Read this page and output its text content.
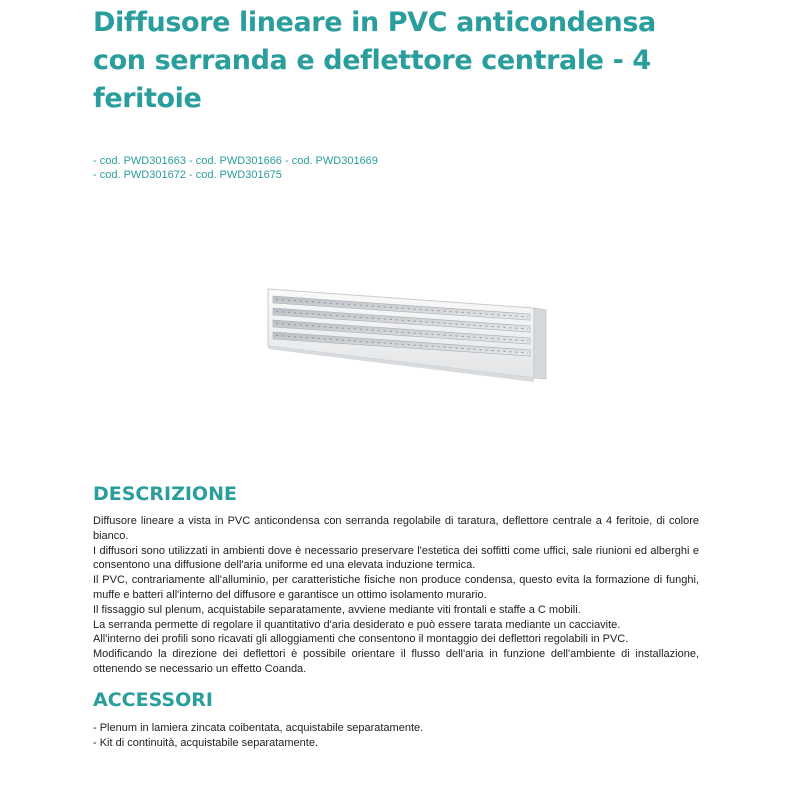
Diffusore lineare in PVC anticondensa con serranda e deflettore centrale - 4 feritoie
- cod. PWD301663 - cod. PWD301666 - cod. PWD301669
- cod. PWD301672 - cod. PWD301675
DESCRIZIONE

Diffusore lineare a vista in PVC anticondensa con serranda regolabile di taratura, deflettore centrale a 4 feritoie, di colore bianco.

I diffusori sono utilizzati in ambienti dove è necessario preservare l'estetica dei soffitti come uffici, sale riunioni ed alberghi e consentono una diffusione dell'aria uniforme ed una elevata induzione termica.

Il PVC, contrariamente all'alluminio, per caratteristiche fisiche non produce condensa, questo evita la formazione di funghi, muffe e batteri all'interno del diffusore e garantisce un ottimo isolamento murario.

Il fissaggio sul plenum, acquistabile separatamente, avviene mediante viti frontali e staffe a C mobili.

La serranda permette di regolare il quantitativo d'aria desiderato e può essere tarata mediante un cacciavite.

All'interno dei profili sono ricavati gli alloggiamenti che consentono il montaggio dei deflettori regolabili in PVC.

Modificando la direzione dei deflettori è possibile orientare il flusso dell'aria in funzione dell'ambiente di installazione, ottenendo se necessario un effetto Coanda.

ACCESSORI
- Plenum in lamiera zincata coibentata, acquistabile separatamente.
- Kit di continuità, acquistabile separatamente.
